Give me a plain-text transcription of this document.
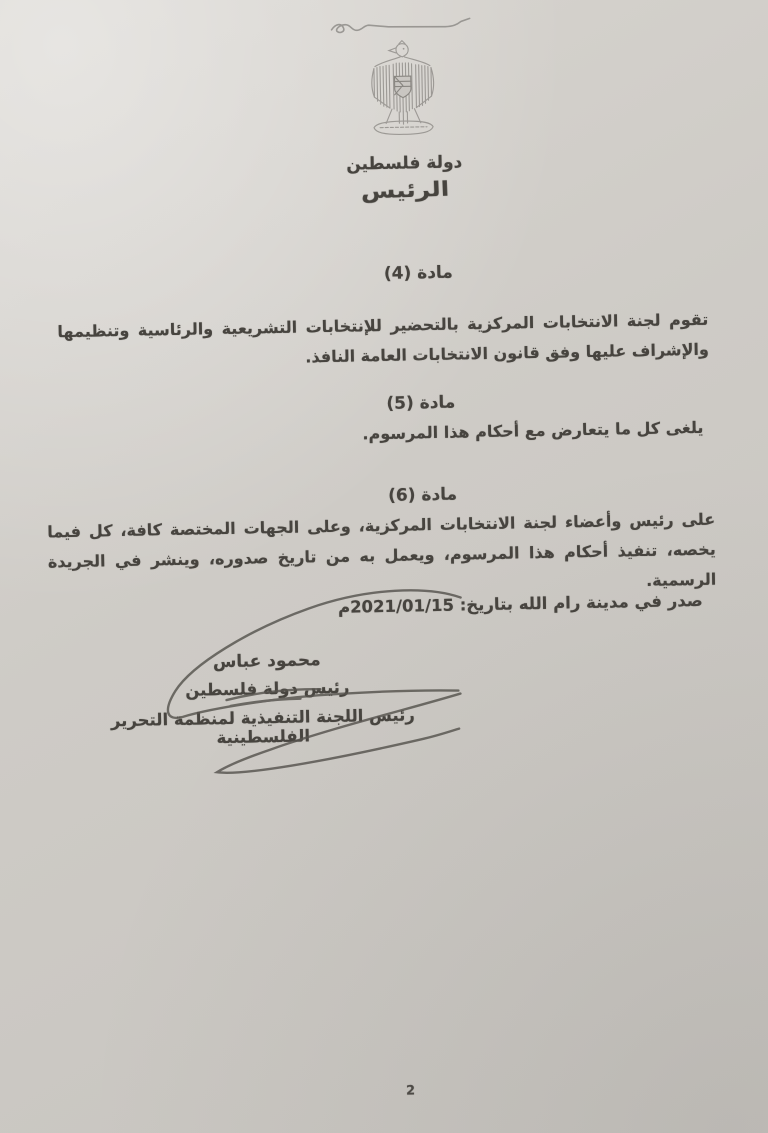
دولة فلسطين
الرئيس
مادة (4)
تقوم لجنة الانتخابات المركزية بالتحضير للإنتخابات التشريعية والرئاسية وتنظيمها والإشراف عليها وفق قانون الانتخابات العامة النافذ.
مادة (5)
يلغى كل ما يتعارض مع أحكام هذا المرسوم.
مادة (6)
على رئيس وأعضاء لجنة الانتخابات المركزية، وعلى الجهات المختصة كافة، كل فيما يخصه، تنفيذ أحكام هذا المرسوم، ويعمل به من تاريخ صدوره، وينشر في الجريدة الرسمية.
صدر في مدينة رام الله بتاريخ: 2021/01/15م
محمود عباس
رئيس دولة فلسطين
رئيس اللجنة التنفيذية لمنظمة التحرير الفلسطينية
2
